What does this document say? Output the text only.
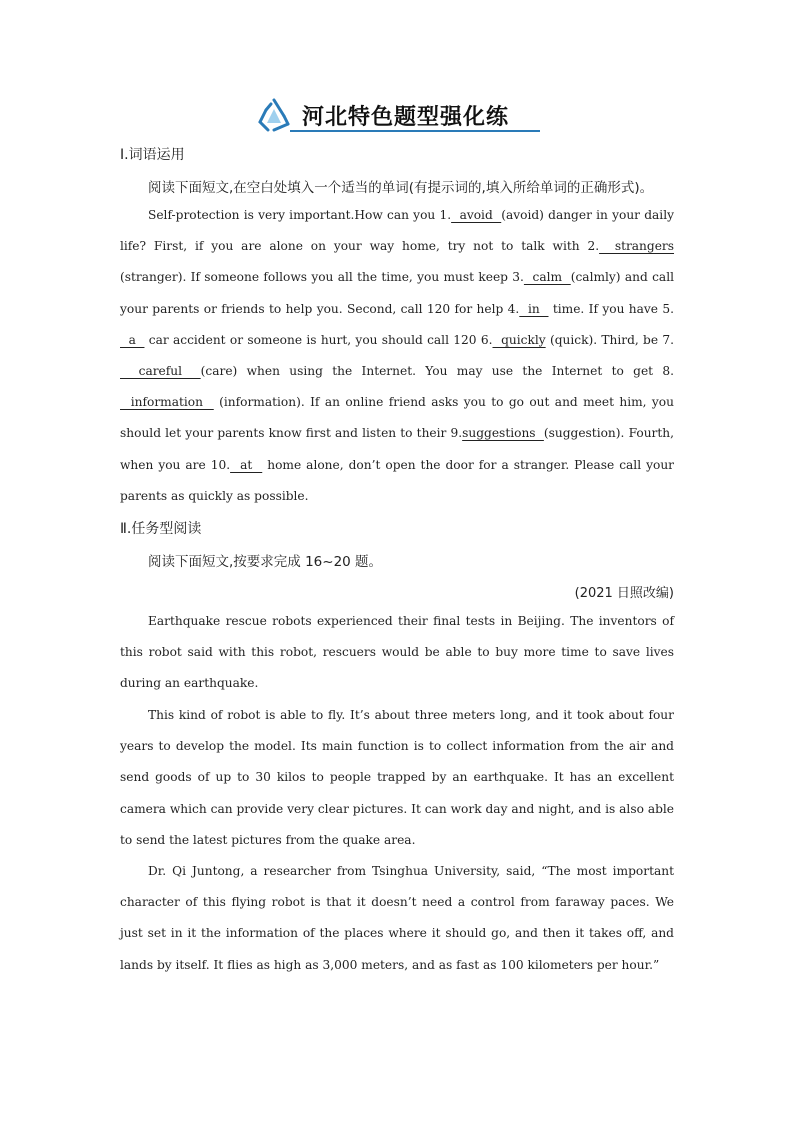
河北特色题型强化练
Ⅰ.词语运用
阅读下面短文,在空白处填入一个适当的单词(有提示词的,填入所给单词的正确形式)。
Self-protection is very important.How can you 1.  avoid  (avoid) danger in your daily life? First, if you are alone on your way home, try not to talk with 2.  strangers (stranger). If someone follows you all the time, you must keep 3.  calm  (calmly) and call your parents or friends to help you. Second, call 120 for help 4.  in   time. If you have 5.  a   car accident or someone is hurt, you should call 120 6.  quickly (quick). Third, be 7.  careful  (care) when using the Internet. You may use the Internet to get 8.  information   (information). If an online friend asks you to go out and meet him, you should let your parents know first and listen to their 9.suggestions  (suggestion). Fourth, when you are 10.  at   home alone, don’t open the door for a stranger. Please call your parents as quickly as possible.
Ⅱ.任务型阅读
阅读下面短文,按要求完成 16~20 题。
(2021 日照改编)
Earthquake rescue robots experienced their final tests in Beijing. The inventors of this robot said with this robot, rescuers would be able to buy more time to save lives during an earthquake.
This kind of robot is able to fly. It’s about three meters long, and it took about four years to develop the model. Its main function is to collect information from the air and send goods of up to 30 kilos to people trapped by an earthquake. It has an excellent camera which can provide very clear pictures. It can work day and night, and is also able to send the latest pictures from the quake area.
Dr. Qi Juntong, a researcher from Tsinghua University, said, “The most important character of this flying robot is that it doesn’t need a control from faraway paces. We just set in it the information of the places where it should go, and then it takes off, and lands by itself. It flies as high as 3,000 meters, and as fast as 100 kilometers per hour.”
